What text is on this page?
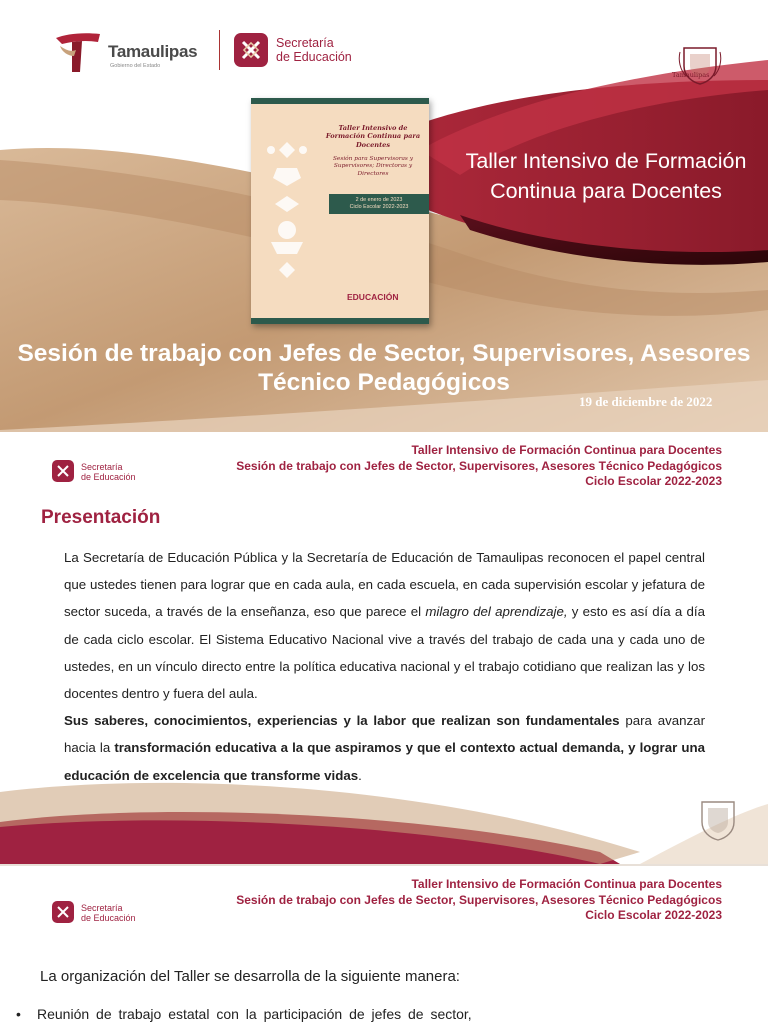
Tamaulipas
Gobierno del Estado
Secretaría
de Educación
Tamaulipas
Taller Intensivo de Formación Continua para Docentes
Sesión para Supervisoras y Supervisores; Directoras y Directores
2 de enero de 2023
Ciclo Escolar 2022-2023
EDUCACIÓN
Taller Intensivo de Formación Continua para Docentes
Sesión de trabajo con Jefes de Sector, Supervisores, Asesores Técnico Pedagógicos
19 de diciembre de 2022
Secretaría
de Educación
Taller Intensivo de Formación Continua para Docentes
Sesión de trabajo con Jefes de Sector, Supervisores, Asesores Técnico Pedagógicos
Ciclo Escolar 2022-2023
Presentación

La Secretaría de Educación Pública y la Secretaría de Educación de Tamaulipas reconocen el papel central que ustedes tienen para lograr que en cada aula, en cada escuela, en cada supervisión escolar y jefatura de sector suceda, a través de la enseñanza, eso que parece el milagro del aprendizaje, y esto es así día a día de cada ciclo escolar. El Sistema Educativo Nacional vive a través del trabajo de cada una y cada uno de ustedes, en un vínculo directo entre la política educativa nacional y el trabajo cotidiano que realizan las y los docentes dentro y fuera del aula.

Sus saberes, conocimientos, experiencias y la labor que realizan son fundamentales para avanzar hacia la transformación educativa a la que aspiramos y que el contexto actual demanda, y lograr una educación de excelencia que transforme vidas.

Secretaría
de Educación
Taller Intensivo de Formación Continua para Docentes
Sesión de trabajo con Jefes de Sector, Supervisores, Asesores Técnico Pedagógicos
Ciclo Escolar 2022-2023
La organización del Taller se desarrolla de la siguiente manera:
• Reunión de trabajo estatal con la participación de jefes de sector,
